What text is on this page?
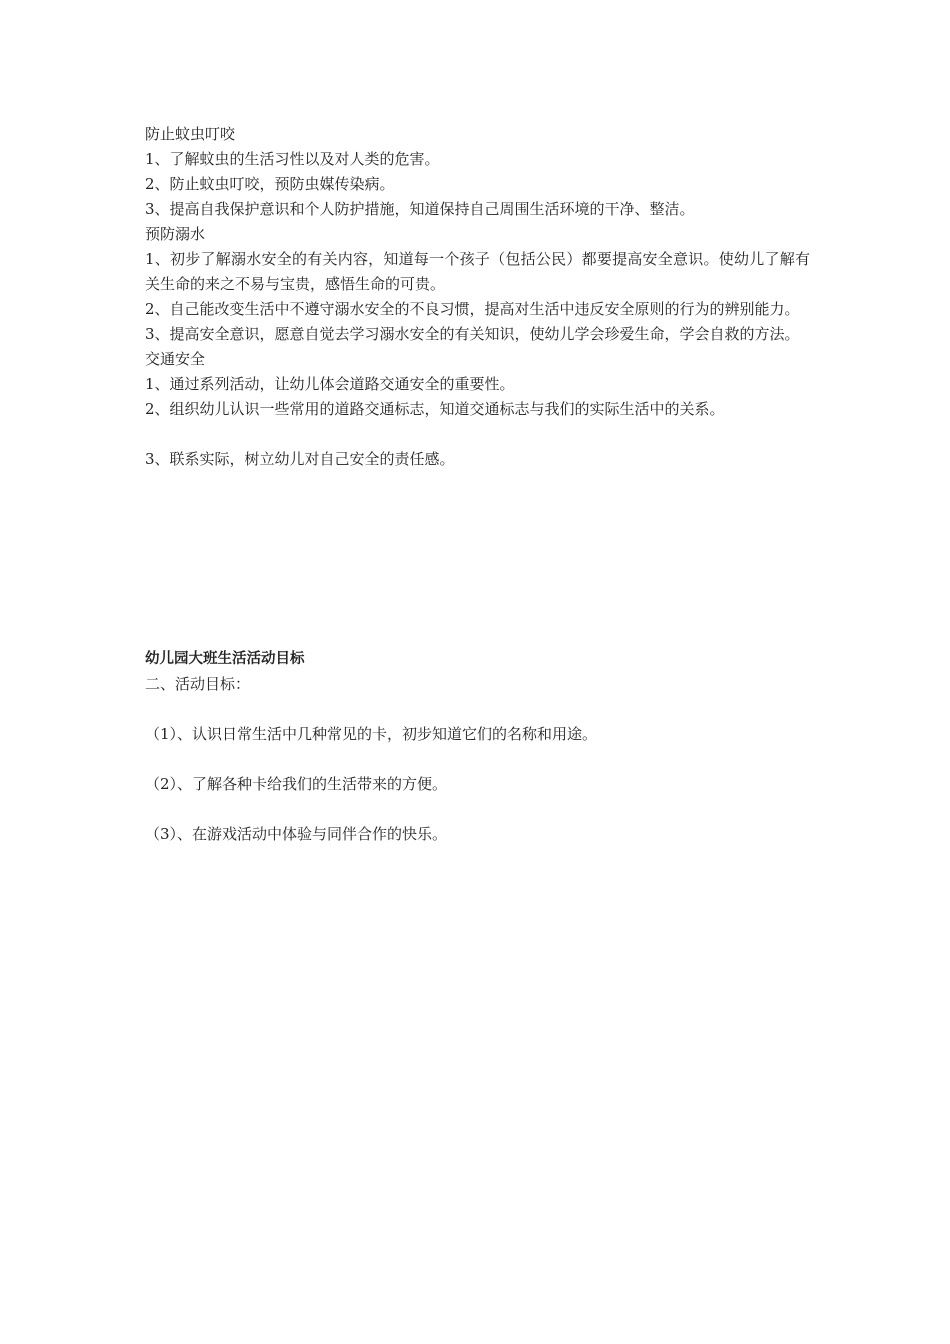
防止蚊虫叮咬

1、了解蚊虫的生活习性以及对人类的危害。

2、防止蚊虫叮咬，预防虫媒传染病。

3、提高自我保护意识和个人防护措施，知道保持自己周围生活环境的干净、整洁。

预防溺水

1、初步了解溺水安全的有关内容，知道每一个孩子（包括公民）都要提高安全意识。使幼儿了解有关生命的来之不易与宝贵，感悟生命的可贵。

2、自己能改变生活中不遵守溺水安全的不良习惯，提高对生活中违反安全原则的行为的辨别能力。

3、提高安全意识，愿意自觉去学习溺水安全的有关知识，使幼儿学会珍爱生命，学会自救的方法。

交通安全

1、通过系列活动，让幼儿体会道路交通安全的重要性。

2、组织幼儿认识一些常用的道路交通标志，知道交通标志与我们的实际生活中的关系。

3、联系实际，树立幼儿对自己安全的责任感。

幼儿园大班生活活动目标

二、活动目标：

（1）、认识日常生活中几种常见的卡，初步知道它们的名称和用途。

（2）、了解各种卡给我们的生活带来的方便。

（3）、在游戏活动中体验与同伴合作的快乐。
